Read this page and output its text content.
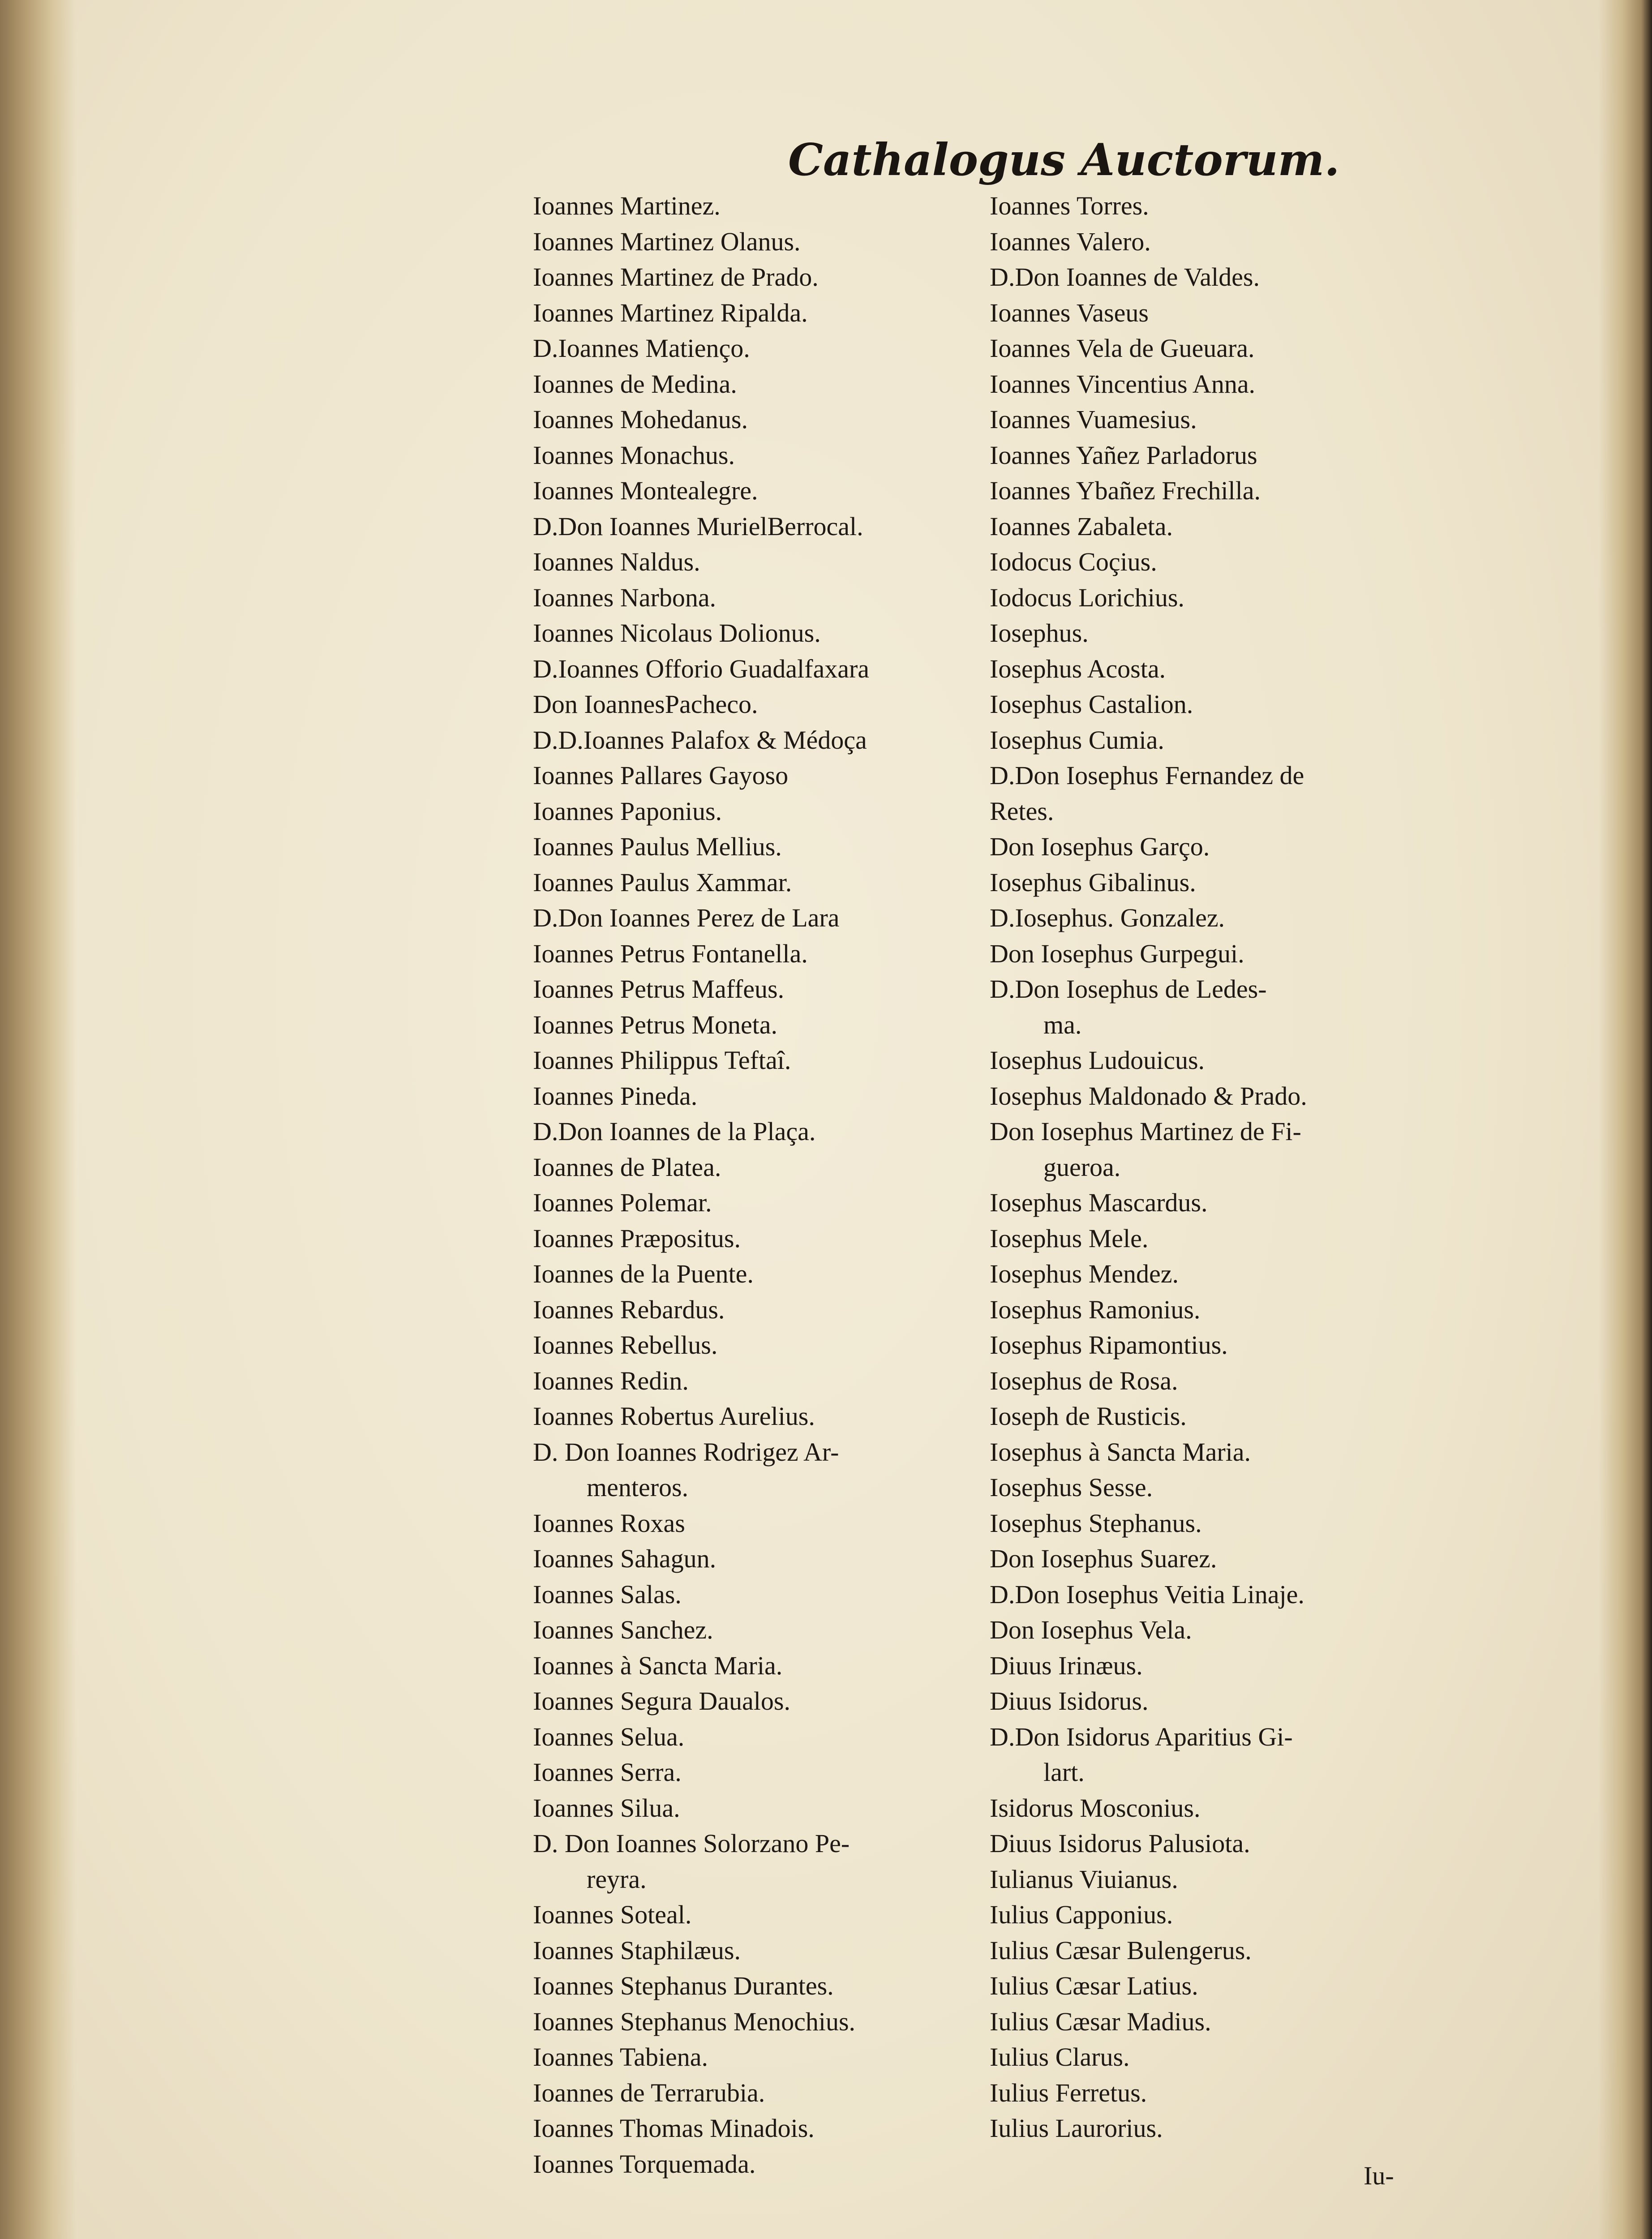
Cathalogus Auctorum.
Ioannes Martinez.
Ioannes Martinez Olanus.
Ioannes Martinez de Prado.
Ioannes Martinez Ripalda.
D.Ioannes Matienço.
Ioannes de Medina.
Ioannes Mohedanus.
Ioannes Monachus.
Ioannes Montealegre.
D.Don Ioannes MurielBerrocal.
Ioannes Naldus.
Ioannes Narbona.
Ioannes Nicolaus Dolionus.
D.Ioannes Offorio Guadalfaxara
Don IoannesPacheco.
D.D.Ioannes Palafox & Médoça
Ioannes Pallares Gayoso
Ioannes Paponius.
Ioannes Paulus Mellius.
Ioannes Paulus Xammar.
D.Don Ioannes Perez de Lara
Ioannes Petrus Fontanella.
Ioannes Petrus Maffeus.
Ioannes Petrus Moneta.
Ioannes Philippus Teftaî.
Ioannes Pineda.
D.Don Ioannes de la Plaça.
Ioannes de Platea.
Ioannes Polemar.
Ioannes Præpositus.
Ioannes de la Puente.
Ioannes Rebardus.
Ioannes Rebellus.
Ioannes Redin.
Ioannes Robertus Aurelius.
D. Don Ioannes Rodrigez Ar-
menteros.
Ioannes Roxas
Ioannes Sahagun.
Ioannes Salas.
Ioannes Sanchez.
Ioannes à Sancta Maria.
Ioannes Segura Daualos.
Ioannes Selua.
Ioannes Serra.
Ioannes Silua.
D. Don Ioannes Solorzano Pe-
reyra.
Ioannes Soteal.
Ioannes Staphilæus.
Ioannes Stephanus Durantes.
Ioannes Stephanus Menochius.
Ioannes Tabiena.
Ioannes de Terrarubia.
Ioannes Thomas Minadois.
Ioannes Torquemada.
Ioannes Torres.
Ioannes Valero.
D.Don Ioannes de Valdes.
Ioannes Vaseus
Ioannes Vela de Gueuara.
Ioannes Vincentius Anna.
Ioannes Vuamesius.
Ioannes Yañez Parladorus
Ioannes Ybañez Frechilla.
Ioannes Zabaleta.
Iodocus Coçius.
Iodocus Lorichius.
Iosephus.
Iosephus Acosta.
Iosephus Castalion.
Iosephus Cumia.
D.Don Iosephus Fernandez de
Retes.
Don Iosephus Garço.
Iosephus Gibalinus.
D.Iosephus. Gonzalez.
Don Iosephus Gurpegui.
D.Don Iosephus de Ledes-
ma.
Iosephus Ludouicus.
Iosephus Maldonado & Prado.
Don Iosephus Martinez de Fi-
gueroa.
Iosephus Mascardus.
Iosephus Mele.
Iosephus Mendez.
Iosephus Ramonius.
Iosephus Ripamontius.
Iosephus de Rosa.
Ioseph de Rusticis.
Iosephus à Sancta Maria.
Iosephus Sesse.
Iosephus Stephanus.
Don Iosephus Suarez.
D.Don Iosephus Veitia Linaje.
Don Iosephus Vela.
Diuus Irinæus.
Diuus Isidorus.
D.Don Isidorus Aparitius Gi-
lart.
Isidorus Mosconius.
Diuus Isidorus Palusiota.
Iulianus Viuianus.
Iulius Capponius.
Iulius Cæsar Bulengerus.
Iulius Cæsar Latius.
Iulius Cæsar Madius.
Iulius Clarus.
Iulius Ferretus.
Iulius Laurorius.
Iu-
